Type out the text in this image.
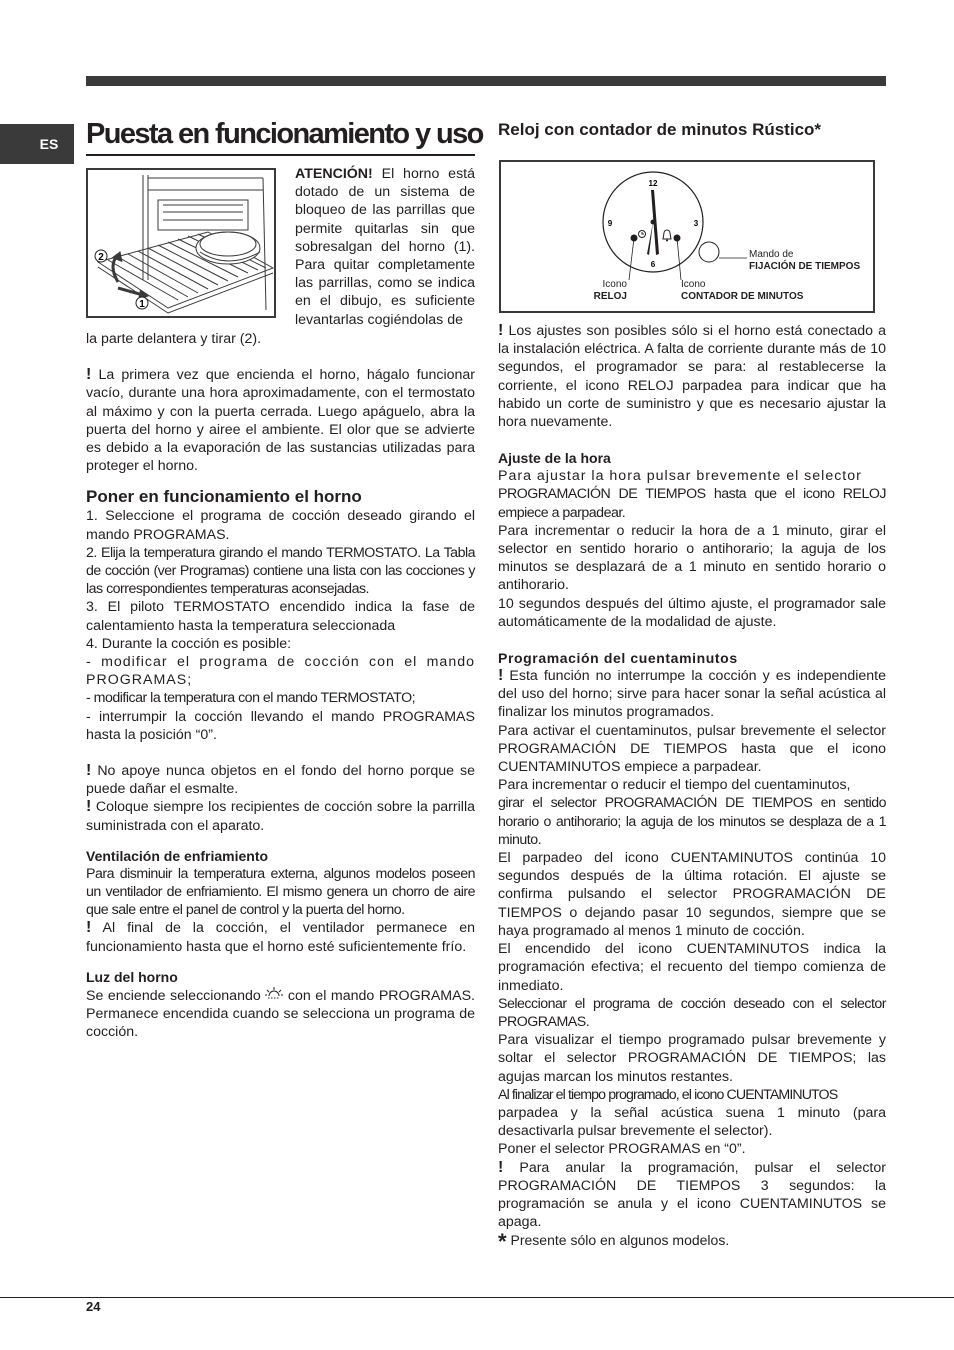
ES Puesta en funcionamiento y uso
2
1

ATENCIÓN! El horno está dotado de un sistema de bloqueo de las parrillas que permite quitarlas sin que sobresalgan del horno (1). Para quitar completamente las parrillas, como se indica en el dibujo, es suficiente levantarlas cogiéndolas de

la parte delantera y tirar (2).

! La primera vez que encienda el horno, hágalo funcionar vacío, durante una hora aproximadamente, con el termostato al máximo y con la puerta cerrada. Luego apáguelo, abra la puerta del horno y airee el ambiente. El olor que se advierte es debido a la evaporación de las sustancias utilizadas para proteger el horno.

Poner en funcionamiento el horno

1. Seleccione el programa de cocción deseado girando el mando PROGRAMAS.

2. Elija la temperatura girando el mando TERMOSTATO. La Tabla de cocción (ver Programas) contiene una lista con las cocciones y las correspondientes temperaturas aconsejadas.

3. El piloto TERMOSTATO encendido indica la fase de calentamiento hasta la temperatura seleccionada

4. Durante la cocción es posible:

- modificar el programa de cocción con el mando PROGRAMAS;

- modificar la temperatura con el mando TERMOSTATO;

- interrumpir la cocción llevando el mando PROGRAMAS hasta la posición “0”.

! No apoye nunca objetos en el fondo del horno porque se puede dañar el esmalte.

! Coloque siempre los recipientes de cocción sobre la parrilla suministrada con el aparato.

Ventilación de enfriamiento

Para disminuir la temperatura externa, algunos modelos poseen un ventilador de enfriamiento. El mismo genera un chorro de aire que sale entre el panel de control y la puerta del horno.

! Al final de la cocción, el ventilador permanece en funcionamiento hasta que el horno esté suficientemente frío.

Luz del horno

Se enciende seleccionando con el mando PROGRAMAS. Permanece encendida cuando se selecciona un programa de cocción.

Reloj con contador de minutos Rústico*
12
3
6
9
Mando de
FIJACIÓN DE TIEMPOS
Icono
RELOJ
Icono
CONTADOR DE MINUTOS

! Los ajustes son posibles sólo si el horno está conectado a la instalación eléctrica. A falta de corriente durante más de 10 segundos, el programador se para: al restablecerse la corriente, el icono RELOJ parpadea para indicar que ha habido un corte de suministro y que es necesario ajustar la hora nuevamente.

Ajuste de la hora

Para ajustar la hora pulsar brevemente el selector

PROGRAMACIÓN DE TIEMPOS hasta que el icono RELOJ empiece a parpadear.

Para incrementar o reducir la hora de a 1 minuto, girar el selector en sentido horario o antihorario; la aguja de los minutos se desplazará de a 1 minuto en sentido horario o antihorario.

10 segundos después del último ajuste, el programador sale automáticamente de la modalidad de ajuste.

Programación del cuentaminutos

! Esta función no interrumpe la cocción y es independiente del uso del horno; sirve para hacer sonar la señal acústica al finalizar los minutos programados.

Para activar el cuentaminutos, pulsar brevemente el selector PROGRAMACIÓN DE TIEMPOS hasta que el icono CUENTAMINUTOS empiece a parpadear.

Para incrementar o reducir el tiempo del cuentaminutos,

girar el selector PROGRAMACIÓN DE TIEMPOS en sentido horario o antihorario; la aguja de los minutos se desplaza de a 1 minuto.

El parpadeo del icono CUENTAMINUTOS continúa 10 segundos después de la última rotación. El ajuste se confirma pulsando el selector PROGRAMACIÓN DE TIEMPOS o dejando pasar 10 segundos, siempre que se haya programado al menos 1 minuto de cocción.

El encendido del icono CUENTAMINUTOS indica la programación efectiva; el recuento del tiempo comienza de inmediato.

Seleccionar el programa de cocción deseado con el selector PROGRAMAS.

Para visualizar el tiempo programado pulsar brevemente y soltar el selector PROGRAMACIÓN DE TIEMPOS; las agujas marcan los minutos restantes.

Al finalizar el tiempo programado, el icono CUENTAMINUTOS

parpadea y la señal acústica suena 1 minuto (para desactivarla pulsar brevemente el selector).

Poner el selector PROGRAMAS en “0”.

! Para anular la programación, pulsar el selector PROGRAMACIÓN DE TIEMPOS 3 segundos: la programación se anula y el icono CUENTAMINUTOS se apaga.

* Presente sólo en algunos modelos.

24
